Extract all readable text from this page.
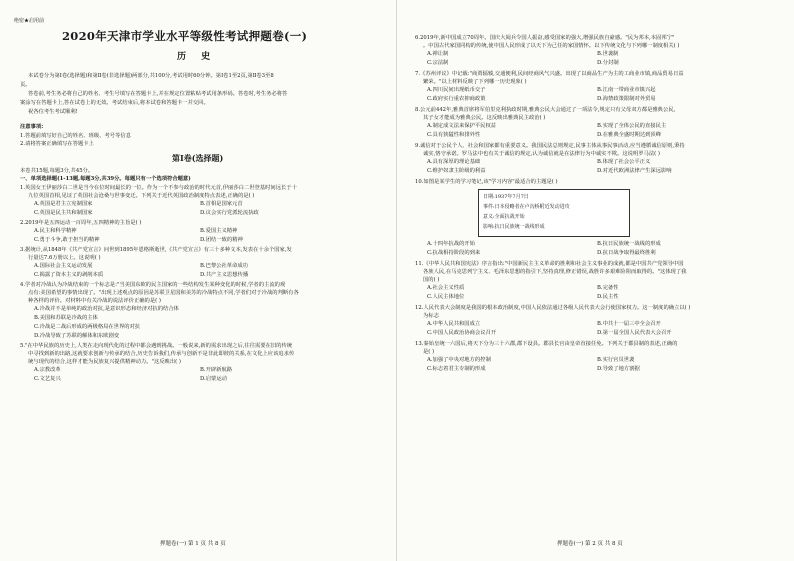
绝密★启用前
2020年天津市学业水平等级性考试押题卷(一)
历 史
本试卷分为第Ⅰ卷(选择题)和第Ⅱ卷(非选择题)两部分,共100分,考试用时60分钟。第Ⅰ卷1至2页,第Ⅱ卷3至8
页。
答卷前,考生务必将自己的姓名、考生号填写在答题卡上,并在规定位置粘贴考试用条形码。答卷时,考生务必将答
案涂写在答题卡上,答在试卷上的无效。考试结束后,将本试卷和答题卡一并交回。
祝各位考生考试顺利!
注意事项:
1.答题前填写好自己的姓名、班级、考号等信息
2.请将答案正确填写在答题卡上
第Ⅰ卷(选择题)
本卷共15题,每题3分,共45分。
一、单项选择题(1-13题,每题3分,共39分。每题只有一个选项符合题意)
1.英国女王伊丽莎白二世是当今在位时间最长的一位。作为一个不参与政治的时代元首,伊丽莎白二世登基时间远长于十
九位英国首相,见证了英国社会沧桑与世事变迁。下列关于近代英国政治制度特点表述,正确的是( )
A.英国是君主立宪制国家	B.首相是国家元首
C.英国是民主共和制国家	D.议会实行党派轮流执政
2.2019年是五四运动一百周年,五四精神的主旨是( )
A.民主和科学精神	B.爱国主义精神
C.勇于斗争,敢于担当的精神	D.团结一致的精神
3.据统计,从1848年《共产党宣言》问世到1895年恩格斯逝世,《共产党宣言》有三十多种文本,发表在十余个国家,发
行量达7.6万册以上。这说明( )
A.国际社会主义运动发展	B.巴黎公社革命成功
C.揭露了资本主义的剥削本质	D.共产主义思想传播
4.学者对冷战认为冷战结束的一个标志是:"当美国东欧的民主国家的一些结构发生某种变化的时候,学者的主流的观
点有:美国希望的事情出现了。"出现上述观点的原因是苏联卫星国和美苏的冷战特点不同,学者们对于冷战的判断有各
种各样的评价。对材料中有关冷战的说法评价正确的是( )
A.冷战并不是单纯的政治对抗,是意识形态和经济对抗的结合体
B.美国和苏联是冷战的主体
C.冷战是二战后形成的两极格局在世界的对抗
D.冷战导致了苏联的解体和东欧剧变
5."在中华民族的历史上,人类在走向现代化的过程中都会遇到挑战。一般说来,新的需求出现之后,往往需要在旧的传统
中寻找到新的出路,这就要求创新与传承的结合,历史告诉我们,传承与创新不是非此即彼的关系,在文化上应该追求传
统与现代的结合,这样才能为民族复兴提供精神动力。"这反映出( )
A.宗教改革	B.开辟新航路
C.文艺复兴	D.启蒙运动
押题卷(一) 第 1 页 共 8 页
6.2019年,新中国成立70周年。国庆大阅兵令国人振奋,感受国家的强大,增强民族自豪感。"民为邦本,本固邦宁"
。中国古代家国同构的传统,使中国人民形成了以天下为己任的家国情怀。以下传统文化与下列哪一制度相关( )
A.禅让制	B.世袭制
C.宗法制	D.分封制
7.《苏州评议》中记载:"商贾辐辏,交通便利,民间经商风气兴盛。出现了以商品生产为主的工商业市镇,商品贸易日益
繁荣。"以上材料反映了下列哪一历史现象( )
A.四川民间出现纸币交子	B.江南一带商业市镇兴起
C.政府实行重农抑商政策	D.海禁政策限制对外贸易
8.公元前442年,雅典首席将军伯里克利执政时期,雅典公民大会通过了一项法令,规定只有父母双方都是雅典公民,
其子女才能成为雅典公民。这反映出雅典民主政治( )
A.制定成文法来保护平民权益	B.实现了全体公民的直接民主
C.具有狭隘性和排外性	D.在雅典全盛时期达到顶峰
9.诚信对于公民个人、社会和国家都有重要意义。我国民法总则规定,民事主体从事民事活动,应当遵循诚信原则,秉持
诚实,恪守承诺。罗马法中也有关于诚信的规定,认为诚信就是在法律行为中诚实不欺。这说明罗马法( )
A.具有深厚的理论基础	B.体现了社会公平正义
C.维护奴隶主阶级的利益	D.对近代欧洲法律产生深远影响
10.如图是某学生的学习笔记,该"学习内容"最适合的主题是( )
日期:1937年7月7日
事件:日本侵略者在卢沟桥附近发动进攻
意义:全面抗战开始
影响:抗日民族统一战线形成
A.十四年抗战的开始	B.抗日民族统一战线的形成
C.抗战相持阶段的到来	D.抗日战争取得最终胜利
11.《中华人民共和国宪法》序言指出:"中国新民主主义革命的胜利和社会主义事业的成就,都是中国共产党领导中国
各族人民,在马克思列宁主义、毛泽东思想的指引下,坚持真理,修正错误,战胜许多艰难险阻而取得的。"这体现了我
国的( )
A.社会主义性质	B.完备性
C.人民主体地位	D.民主性
12.人民代表大会制度是我国的根本政治制度,中国人民依法通过各级人民代表大会行使国家权力。这一制度的确立以( )
为标志
A.中华人民共和国成立	B.中共十一届三中全会召开
C.中国人民政治协商会议召开	D.第一届全国人民代表大会召开
13.秦始皇统一六国后,将天下分为三十六郡,郡下设县。郡县长官由皇帝直接任免。下列关于郡县制的表述,正确的
是( )
A.加强了中央对地方的控制	B.实行官员世袭
C.标志着君主专制的形成	D.导致了地方割据
押题卷(一) 第 2 页 共 8 页
